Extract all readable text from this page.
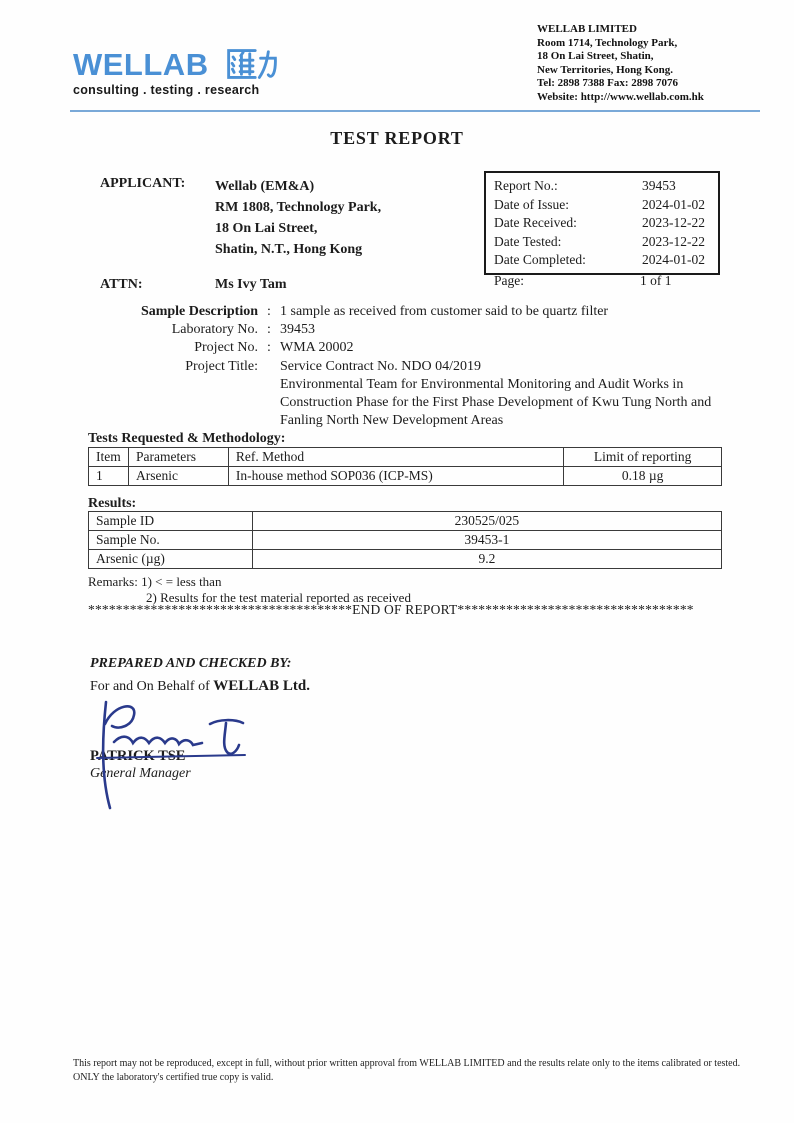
WELLAB
consulting . testing . research
WELLAB LIMITED
Room 1714, Technology Park,
18 On Lai Street, Shatin,
New Territories, Hong Kong.
Tel: 2898 7388 Fax: 2898 7076
Website: http://www.wellab.com.hk
TEST REPORT
APPLICANT:	Wellab (EM&A)
RM 1808, Technology Park,
18 On Lai Street,
Shatin, N.T., Hong Kong
Report No.:	39453
Date of Issue:	2024-01-02
Date Received:	2023-12-22
Date Tested:	2023-12-22
Date Completed:	2024-01-02
Page:	1 of 1
ATTN:	Ms Ivy Tam
Sample Description : 1 sample as received from customer said to be quartz filter
Laboratory No. : 39453
Project No. : WMA 20002
Project Title: Service Contract No. NDO 04/2019
Environmental Team for Environmental Monitoring and Audit Works in Construction Phase for the First Phase Development of Kwu Tung North and Fanling North New Development Areas
Tests Requested & Methodology:
Item	Parameters	Ref. Method	Limit of reporting
1	Arsenic	In-house method SOP036 (ICP-MS)	0.18 µg
Results:
Sample ID	230525/025
Sample No.	39453-1
Arsenic (µg)	9.2
Remarks: 1) < = less than
2) Results for the test material reported as received
**************************************END OF REPORT**********************************
PREPARED AND CHECKED BY:
For and On Behalf of WELLAB Ltd.
PATRICK TSE
General Manager
This report may not be reproduced, except in full, without prior written approval from WELLAB LIMITED and the results relate only to the items calibrated or tested. ONLY the laboratory's certified true copy is valid.
